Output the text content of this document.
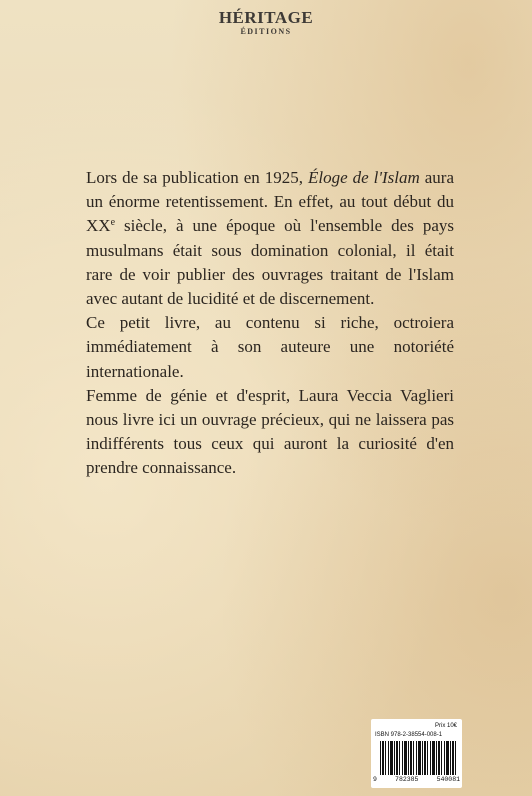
HÉRITAGE
ÉDITIONS

Lors de sa publication en 1925, Éloge de l'Islam aura un énorme retentissement. En effet, au tout début du XXe siècle, à une époque où l'ensemble des pays musulmans était sous domination colonial, il était rare de voir publier des ouvrages traitant de l'Islam avec autant de lucidité et de discernement.

Ce petit livre, au contenu si riche, octroiera immédiatement à son auteure une notoriété internationale.

Femme de génie et d'esprit, Laura Veccia Vaglieri nous livre ici un ouvrage précieux, qui ne laissera pas indifférents tous ceux qui auront la curiosité d'en prendre connaissance.

Prix 10€
ISBN 978-2-38554-008-1
9	782385	540081
